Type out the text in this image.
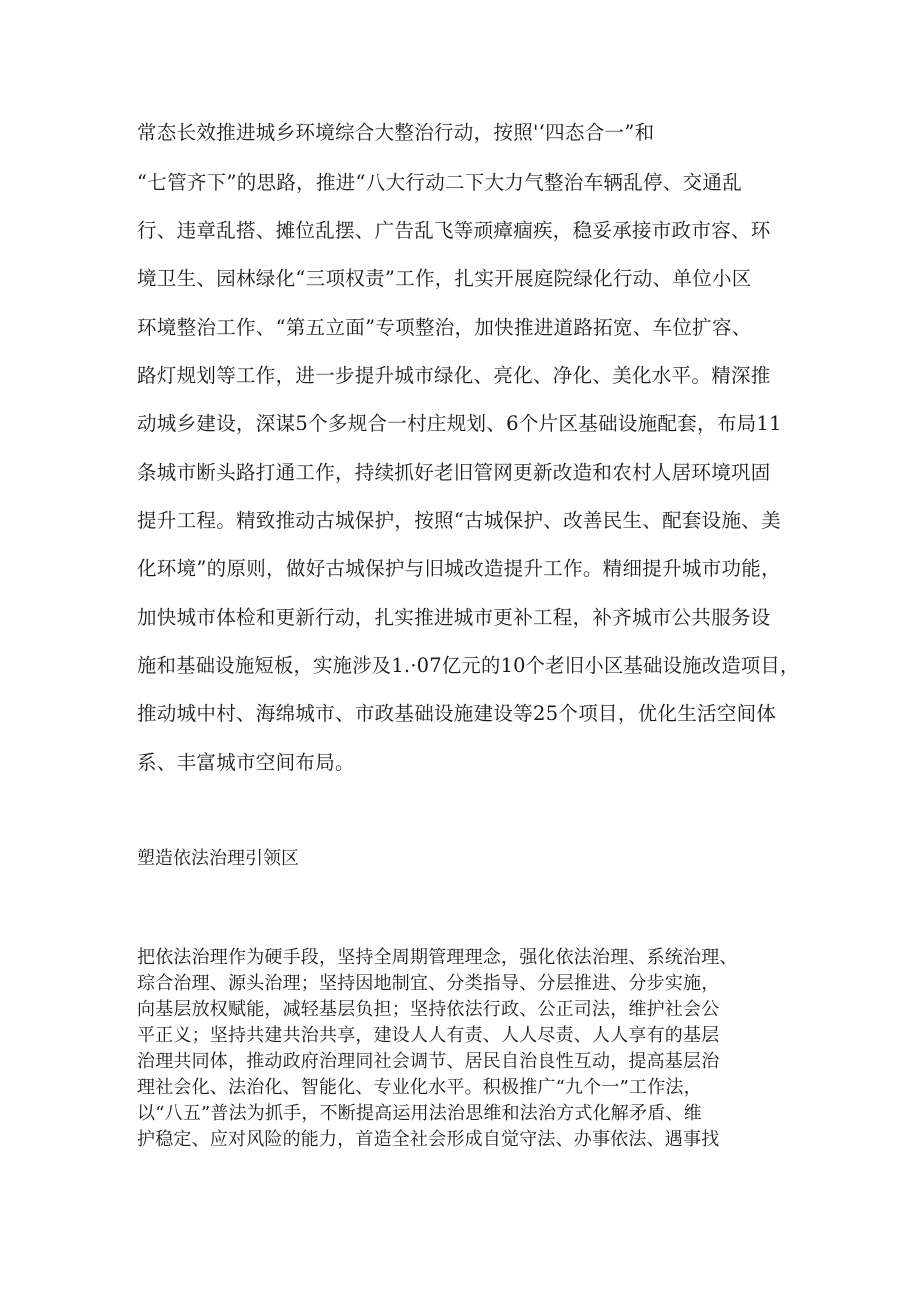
常态长效推进城乡环境综合大整治行动，按照'‘四态合一”和
“七管齐下”的思路，推进“八大行动二下大力气整治车辆乱停、交通乱
行、违章乱搭、摊位乱摆、广告乱飞等顽瘴痼疾，稳妥承接市政市容、环
境卫生、园林绿化“三项权责”工作，扎实开展庭院绿化行动、单位小区
环境整治工作、“第五立面”专项整治，加快推进道路拓宽、车位扩容、
路灯规划等工作，进一步提升城市绿化、亮化、净化、美化水平。精深推
动城乡建设，深谋5个多规合一村庄规划、6个片区基础设施配套，布局11
条城市断头路打通工作，持续抓好老旧管网更新改造和农村人居环境巩固
提升工程。精致推动古城保护，按照“古城保护、改善民生、配套设施、美
化环境”的原则，做好古城保护与旧城改造提升工作。精细提升城市功能，
加快城市体检和更新行动，扎实推进城市更补工程，补齐城市公共服务设
施和基础设施短板，实施涉及1.·07亿元的10个老旧小区基础设施改造项目，
推动城中村、海绵城市、市政基础设施建设等25个项目，优化生活空间体
系、丰富城市空间布局。
塑造依法治理引领区
把依法治理作为硬手段，坚持全周期管理理念，强化依法治理、系统治理、
琮合治理、源头治理；坚持因地制宜、分类指导、分层推进、分步实施，
向基层放权赋能，减轻基层负担；坚持依法行政、公正司法，维护社会公
平正义；坚持共建共治共享，建设人人有责、人人尽责、人人享有的基层
治理共同体，推动政府治理同社会调节、居民自治良性互动，提高基层治
理社会化、法治化、智能化、专业化水平。积极推广“九个一”工作法，
以“八五”普法为抓手，不断提高运用法治思维和法治方式化解矛盾、维
护稳定、应对风险的能力，首造全社会形成自觉守法、办事依法、遇事找
